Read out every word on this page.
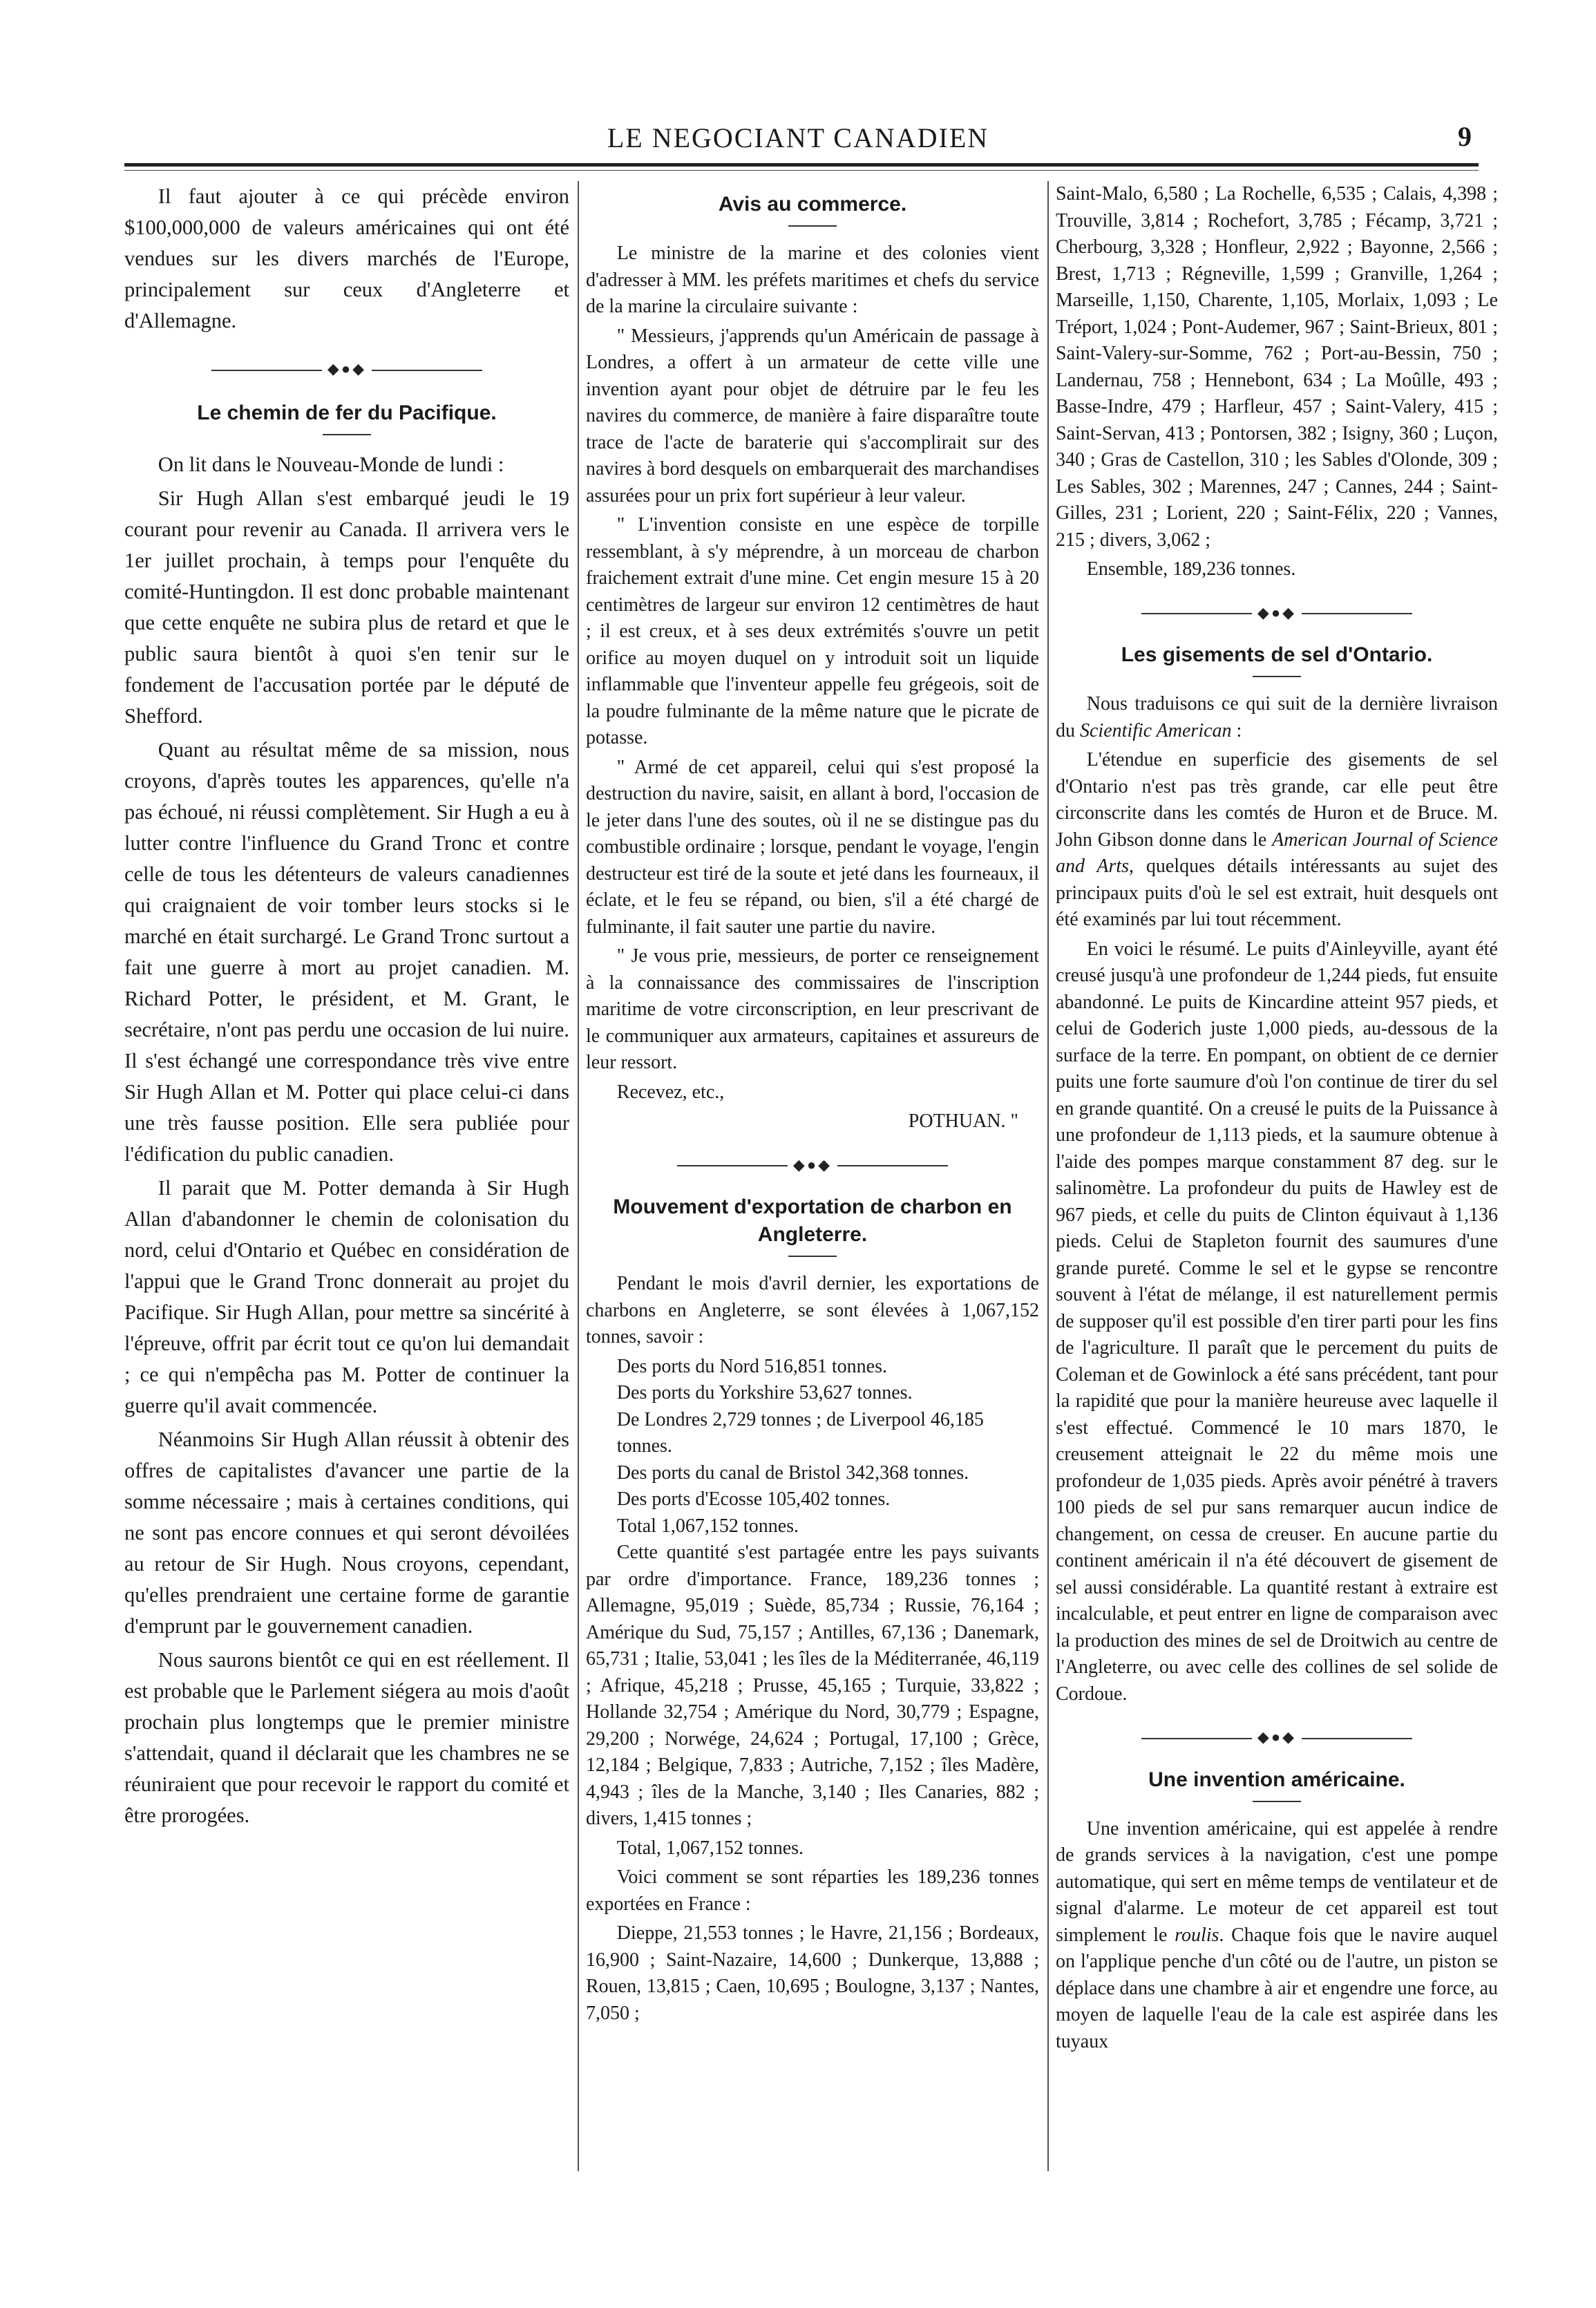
LE NEGOCIANT CANADIEN	9

Il faut ajouter à ce qui précède environ $100,000,000 de valeurs américaines qui ont été vendues sur les divers marchés de l'Europe, principalement sur ceux d'Angleterre et d'Allemagne.

◆●◆
Le chemin de fer du Pacifique.

On lit dans le Nouveau-Monde de lundi :

Sir Hugh Allan s'est embarqué jeudi le 19 courant pour revenir au Canada. Il arrivera vers le 1er juillet prochain, à temps pour l'enquête du comité-Huntingdon. Il est donc probable maintenant que cette enquête ne subira plus de retard et que le public saura bientôt à quoi s'en tenir sur le fondement de l'accusation portée par le député de Shefford.

Quant au résultat même de sa mission, nous croyons, d'après toutes les apparences, qu'elle n'a pas échoué, ni réussi complètement. Sir Hugh a eu à lutter contre l'influence du Grand Tronc et contre celle de tous les détenteurs de valeurs canadiennes qui craignaient de voir tomber leurs stocks si le marché en était surchargé. Le Grand Tronc surtout a fait une guerre à mort au projet canadien. M. Richard Potter, le président, et M. Grant, le secrétaire, n'ont pas perdu une occasion de lui nuire. Il s'est échangé une correspondance très vive entre Sir Hugh Allan et M. Potter qui place celui-ci dans une très fausse position. Elle sera publiée pour l'édification du public canadien.

Il parait que M. Potter demanda à Sir Hugh Allan d'abandonner le chemin de colonisation du nord, celui d'Ontario et Québec en considération de l'appui que le Grand Tronc donnerait au projet du Pacifique. Sir Hugh Allan, pour mettre sa sincérité à l'épreuve, offrit par écrit tout ce qu'on lui demandait ; ce qui n'empêcha pas M. Potter de continuer la guerre qu'il avait commencée.

Néanmoins Sir Hugh Allan réussit à obtenir des offres de capitalistes d'avancer une partie de la somme nécessaire ; mais à certaines conditions, qui ne sont pas encore connues et qui seront dévoilées au retour de Sir Hugh. Nous croyons, cependant, qu'elles prendraient une certaine forme de garantie d'emprunt par le gouvernement canadien.

Nous saurons bientôt ce qui en est réellement. Il est probable que le Parlement siégera au mois d'août prochain plus longtemps que le premier ministre s'attendait, quand il déclarait que les chambres ne se réuniraient que pour recevoir le rapport du comité et être prorogées.

Avis au commerce.

Le ministre de la marine et des colonies vient d'adresser à MM. les préfets maritimes et chefs du service de la marine la circulaire suivante :

" Messieurs, j'apprends qu'un Américain de passage à Londres, a offert à un armateur de cette ville une invention ayant pour objet de détruire par le feu les navires du commerce, de manière à faire disparaître toute trace de l'acte de baraterie qui s'accomplirait sur des navires à bord desquels on embarquerait des marchandises assurées pour un prix fort supérieur à leur valeur.

" L'invention consiste en une espèce de torpille ressemblant, à s'y méprendre, à un morceau de charbon fraichement extrait d'une mine. Cet engin mesure 15 à 20 centimètres de largeur sur environ 12 centimètres de haut ; il est creux, et à ses deux extrémités s'ouvre un petit orifice au moyen duquel on y introduit soit un liquide inflammable que l'inventeur appelle feu grégeois, soit de la poudre fulminante de la même nature que le picrate de potasse.

" Armé de cet appareil, celui qui s'est proposé la destruction du navire, saisit, en allant à bord, l'occasion de le jeter dans l'une des soutes, où il ne se distingue pas du combustible ordinaire ; lorsque, pendant le voyage, l'engin destructeur est tiré de la soute et jeté dans les fourneaux, il éclate, et le feu se répand, ou bien, s'il a été chargé de fulminante, il fait sauter une partie du navire.

" Je vous prie, messieurs, de porter ce renseignement à la connaissance des commissaires de l'inscription maritime de votre circonscription, en leur prescrivant de le communiquer aux armateurs, capitaines et assureurs de leur ressort.

Recevez, etc.,

POTHUAN. "

◆●◆
Mouvement d'exportation de charbon en Angleterre.

Pendant le mois d'avril dernier, les exportations de charbons en Angleterre, se sont élevées à 1,067,152 tonnes, savoir :

Des ports du Nord 516,851 tonnes.

Des ports du Yorkshire 53,627 tonnes.

De Londres 2,729 tonnes ; de Liverpool 46,185 tonnes.

Des ports du canal de Bristol 342,368 tonnes.

Des ports d'Ecosse 105,402 tonnes.

Total 1,067,152 tonnes.

Cette quantité s'est partagée entre les pays suivants par ordre d'importance. France, 189,236 tonnes ; Allemagne, 95,019 ; Suède, 85,734 ; Russie, 76,164 ; Amérique du Sud, 75,157 ; Antilles, 67,136 ; Danemark, 65,731 ; Italie, 53,041 ; les îles de la Méditerranée, 46,119 ; Afrique, 45,218 ; Prusse, 45,165 ; Turquie, 33,822 ; Hollande 32,754 ; Amérique du Nord, 30,779 ; Espagne, 29,200 ; Norwége, 24,624 ; Portugal, 17,100 ; Grèce, 12,184 ; Belgique, 7,833 ; Autriche, 7,152 ; îles Madère, 4,943 ; îles de la Manche, 3,140 ; Iles Canaries, 882 ; divers, 1,415 tonnes ;

Total, 1,067,152 tonnes.

Voici comment se sont réparties les 189,236 tonnes exportées en France :

Dieppe, 21,553 tonnes ; le Havre, 21,156 ; Bordeaux, 16,900 ; Saint-Nazaire, 14,600 ; Dunkerque, 13,888 ; Rouen, 13,815 ; Caen, 10,695 ; Boulogne, 3,137 ; Nantes, 7,050 ;

Saint-Malo, 6,580 ; La Rochelle, 6,535 ; Calais, 4,398 ; Trouville, 3,814 ; Rochefort, 3,785 ; Fécamp, 3,721 ; Cherbourg, 3,328 ; Honfleur, 2,922 ; Bayonne, 2,566 ; Brest, 1,713 ; Régneville, 1,599 ; Granville, 1,264 ; Marseille, 1,150, Charente, 1,105, Morlaix, 1,093 ; Le Tréport, 1,024 ; Pont-Audemer, 967 ; Saint-Brieux, 801 ; Saint-Valery-sur-Somme, 762 ; Port-au-Bessin, 750 ; Landernau, 758 ; Hennebont, 634 ; La Moûlle, 493 ; Basse-Indre, 479 ; Harfleur, 457 ; Saint-Valery, 415 ; Saint-Servan, 413 ; Pontorsen, 382 ; Isigny, 360 ; Luçon, 340 ; Gras de Castellon, 310 ; les Sables d'Olonde, 309 ; Les Sables, 302 ; Marennes, 247 ; Cannes, 244 ; Saint-Gilles, 231 ; Lorient, 220 ; Saint-Félix, 220 ; Vannes, 215 ; divers, 3,062 ;

Ensemble, 189,236 tonnes.

◆●◆
Les gisements de sel d'Ontario.

Nous traduisons ce qui suit de la dernière livraison du Scientific American :

L'étendue en superficie des gisements de sel d'Ontario n'est pas très grande, car elle peut être circonscrite dans les comtés de Huron et de Bruce. M. John Gibson donne dans le American Journal of Science and Arts, quelques détails intéressants au sujet des principaux puits d'où le sel est extrait, huit desquels ont été examinés par lui tout récemment.

En voici le résumé. Le puits d'Ainleyville, ayant été creusé jusqu'à une profondeur de 1,244 pieds, fut ensuite abandonné. Le puits de Kincardine atteint 957 pieds, et celui de Goderich juste 1,000 pieds, au-dessous de la surface de la terre. En pompant, on obtient de ce dernier puits une forte saumure d'où l'on continue de tirer du sel en grande quantité. On a creusé le puits de la Puissance à une profondeur de 1,113 pieds, et la saumure obtenue à l'aide des pompes marque constamment 87 deg. sur le salinomètre. La profondeur du puits de Hawley est de 967 pieds, et celle du puits de Clinton équivaut à 1,136 pieds. Celui de Stapleton fournit des saumures d'une grande pureté. Comme le sel et le gypse se rencontre souvent à l'état de mélange, il est naturellement permis de supposer qu'il est possible d'en tirer parti pour les fins de l'agriculture. Il paraît que le percement du puits de Coleman et de Gowinlock a été sans précédent, tant pour la rapidité que pour la manière heureuse avec laquelle il s'est effectué. Commencé le 10 mars 1870, le creusement atteignait le 22 du même mois une profondeur de 1,035 pieds. Après avoir pénétré à travers 100 pieds de sel pur sans remarquer aucun indice de changement, on cessa de creuser. En aucune partie du continent américain il n'a été découvert de gisement de sel aussi considérable. La quantité restant à extraire est incalculable, et peut entrer en ligne de comparaison avec la production des mines de sel de Droitwich au centre de l'Angleterre, ou avec celle des collines de sel solide de Cordoue.

◆●◆
Une invention américaine.

Une invention américaine, qui est appelée à rendre de grands services à la navigation, c'est une pompe automatique, qui sert en même temps de ventilateur et de signal d'alarme. Le moteur de cet appareil est tout simplement le roulis. Chaque fois que le navire auquel on l'applique penche d'un côté ou de l'autre, un piston se déplace dans une chambre à air et engendre une force, au moyen de laquelle l'eau de la cale est aspirée dans les tuyaux
